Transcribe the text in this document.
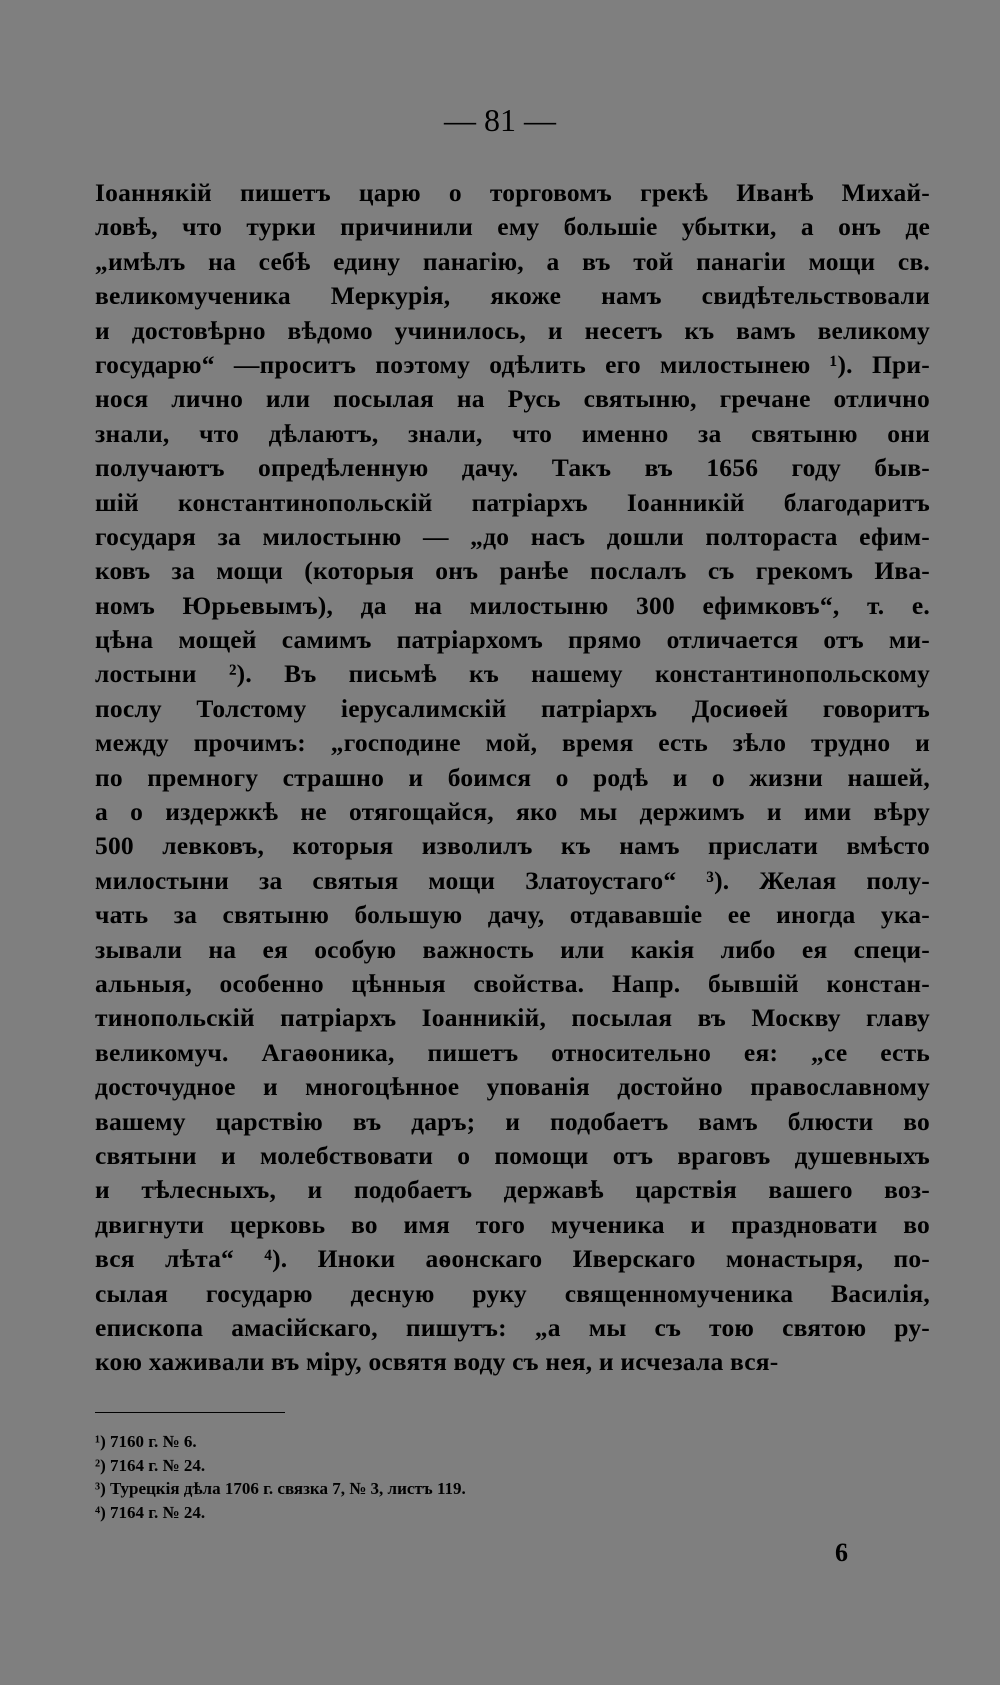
— 81 —
Іоаннякій пишетъ царю о торговомъ грекѣ Иванѣ Михай-
ловѣ, что турки причинили ему большіе убытки, а онъ де
„имѣлъ на себѣ едину панагію, а въ той панагіи мощи св.
великомученика Меркурія, якоже намъ свидѣтельствовали
и достовѣрно вѣдомо учинилось, и несетъ къ вамъ великому
государю“ —проситъ поэтому одѣлить его милостынею ¹). При-
нося лично или посылая на Русь святыню, гречане отлично
знали, что дѣлаютъ, знали, что именно за святыню они
получаютъ опредѣленную дачу. Такъ въ 1656 году быв-
шій константинопольскій патріархъ Іоанникій благодаритъ
государя за милостыню — „до насъ дошли полтораста ефим-
ковъ за мощи (которыя онъ ранѣе послалъ съ грекомъ Ива-
номъ Юрьевымъ), да на милостыню 300 ефимковъ“, т. е.
цѣна мощей самимъ патріархомъ прямо отличается отъ ми-
лостыни ²). Въ письмѣ къ нашему константинопольскому
послу Толстому іерусалимскій патріархъ Досиѳей говоритъ
между прочимъ: „господине мой, время есть зѣло трудно и
по премногу страшно и боимся о родѣ и о жизни нашей,
а о издержкѣ не отягощайся, яко мы держимъ и ими вѣру
500 левковъ, которыя изволилъ къ намъ прислати вмѣсто
милостыни за святыя мощи Златоустаго“ ³). Желая полу-
чать за святыню большую дачу, отдававшіе ее иногда ука-
зывали на ея особую важность или какія либо ея специ-
альныя, особенно цѣнныя свойства. Напр. бывшій констан-
тинопольскій патріархъ Іоанникій, посылая въ Москву главу
великомуч. Агаѳоника, пишетъ относительно ея: „се есть
досточудное и многоцѣнное упованія достойно православному
вашему царствію въ даръ; и подобаетъ вамъ блюсти во
святыни и молебствовати о помощи отъ враговъ душевныхъ
и тѣлесныхъ, и подобаетъ державѣ царствія вашего воз-
двигнути церковь во имя того мученика и праздновати во
вся лѣта“ ⁴). Иноки аѳонскаго Иверскаго монастыря, по-
сылая государю десную руку священномученика Василія,
епископа амасійскаго, пишутъ: „а мы съ тою святою ру-
кою хаживали въ міру, освятя воду съ нея, и исчезала вся-
¹) 7160 г. № 6.
²) 7164 г. № 24.
³) Турецкія дѣла 1706 г. связка 7, № 3, листъ 119.
⁴) 7164 г. № 24.
6
